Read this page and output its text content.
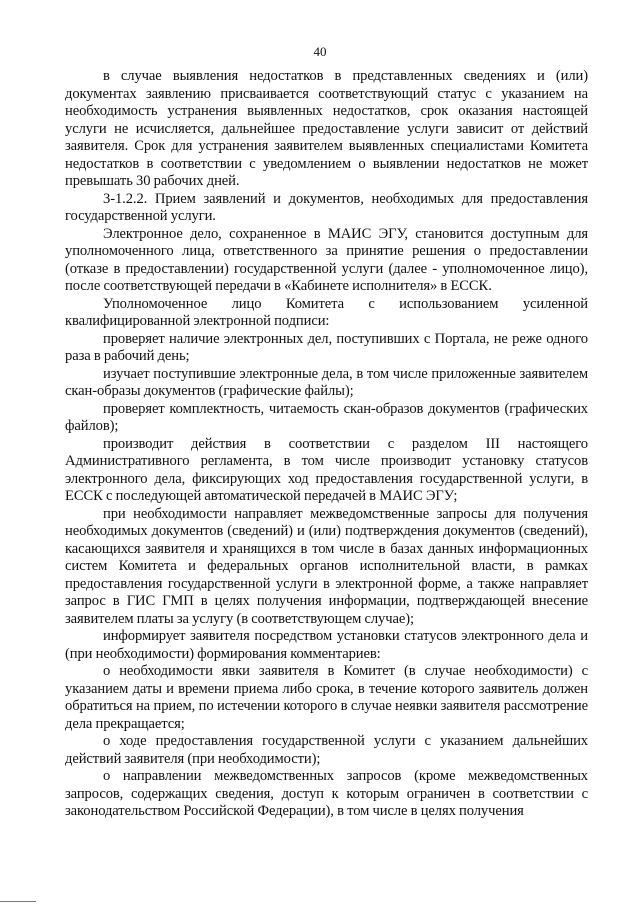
40

в случае выявления недостатков в представленных сведениях и (или) документах заявлению присваивается соответствующий статус с указанием на необходимость устранения выявленных недостатков, срок оказания настоящей услуги не исчисляется, дальнейшее предоставление услуги зависит от действий заявителя. Срок для устранения заявителем выявленных специалистами Комитета недостатков в соответствии с уведомлением о выявлении недостатков не может превышать 30 рабочих дней.

3-1.2.2. Прием заявлений и документов, необходимых для предоставления государственной услуги.

Электронное дело, сохраненное в МАИС ЭГУ, становится доступным для уполномоченного лица, ответственного за принятие решения о предоставлении (отказе в предоставлении) государственной услуги (далее - уполномоченное лицо), после соответствующей передачи в «Кабинете исполнителя» в ЕССК.

Уполномоченное лицо Комитета с использованием усиленной квалифицированной электронной подписи:

проверяет наличие электронных дел, поступивших с Портала, не реже одного раза в рабочий день;

изучает поступившие электронные дела, в том числе приложенные заявителем скан-образы документов (графические файлы);

проверяет комплектность, читаемость скан-образов документов (графических файлов);

производит действия в соответствии с разделом III настоящего Административного регламента, в том числе производит установку статусов электронного дела, фиксирующих ход предоставления государственной услуги, в ЕССК с последующей автоматической передачей в МАИС ЭГУ;

при необходимости направляет межведомственные запросы для получения необходимых документов (сведений) и (или) подтверждения документов (сведений), касающихся заявителя и хранящихся в том числе в базах данных информационных систем Комитета и федеральных органов исполнительной власти, в рамках предоставления государственной услуги в электронной форме, а также направляет запрос в ГИС ГМП в целях получения информации, подтверждающей внесение заявителем платы за услугу (в соответствующем случае);

информирует заявителя посредством установки статусов электронного дела и (при необходимости) формирования комментариев:

о необходимости явки заявителя в Комитет (в случае необходимости) с указанием даты и времени приема либо срока, в течение которого заявитель должен обратиться на прием, по истечении которого в случае неявки заявителя рассмотрение дела прекращается;

о ходе предоставления государственной услуги с указанием дальнейших действий заявителя (при необходимости);

о направлении межведомственных запросов (кроме межведомственных запросов, содержащих сведения, доступ к которым ограничен в соответствии с законодательством Российской Федерации), в том числе в целях получения
